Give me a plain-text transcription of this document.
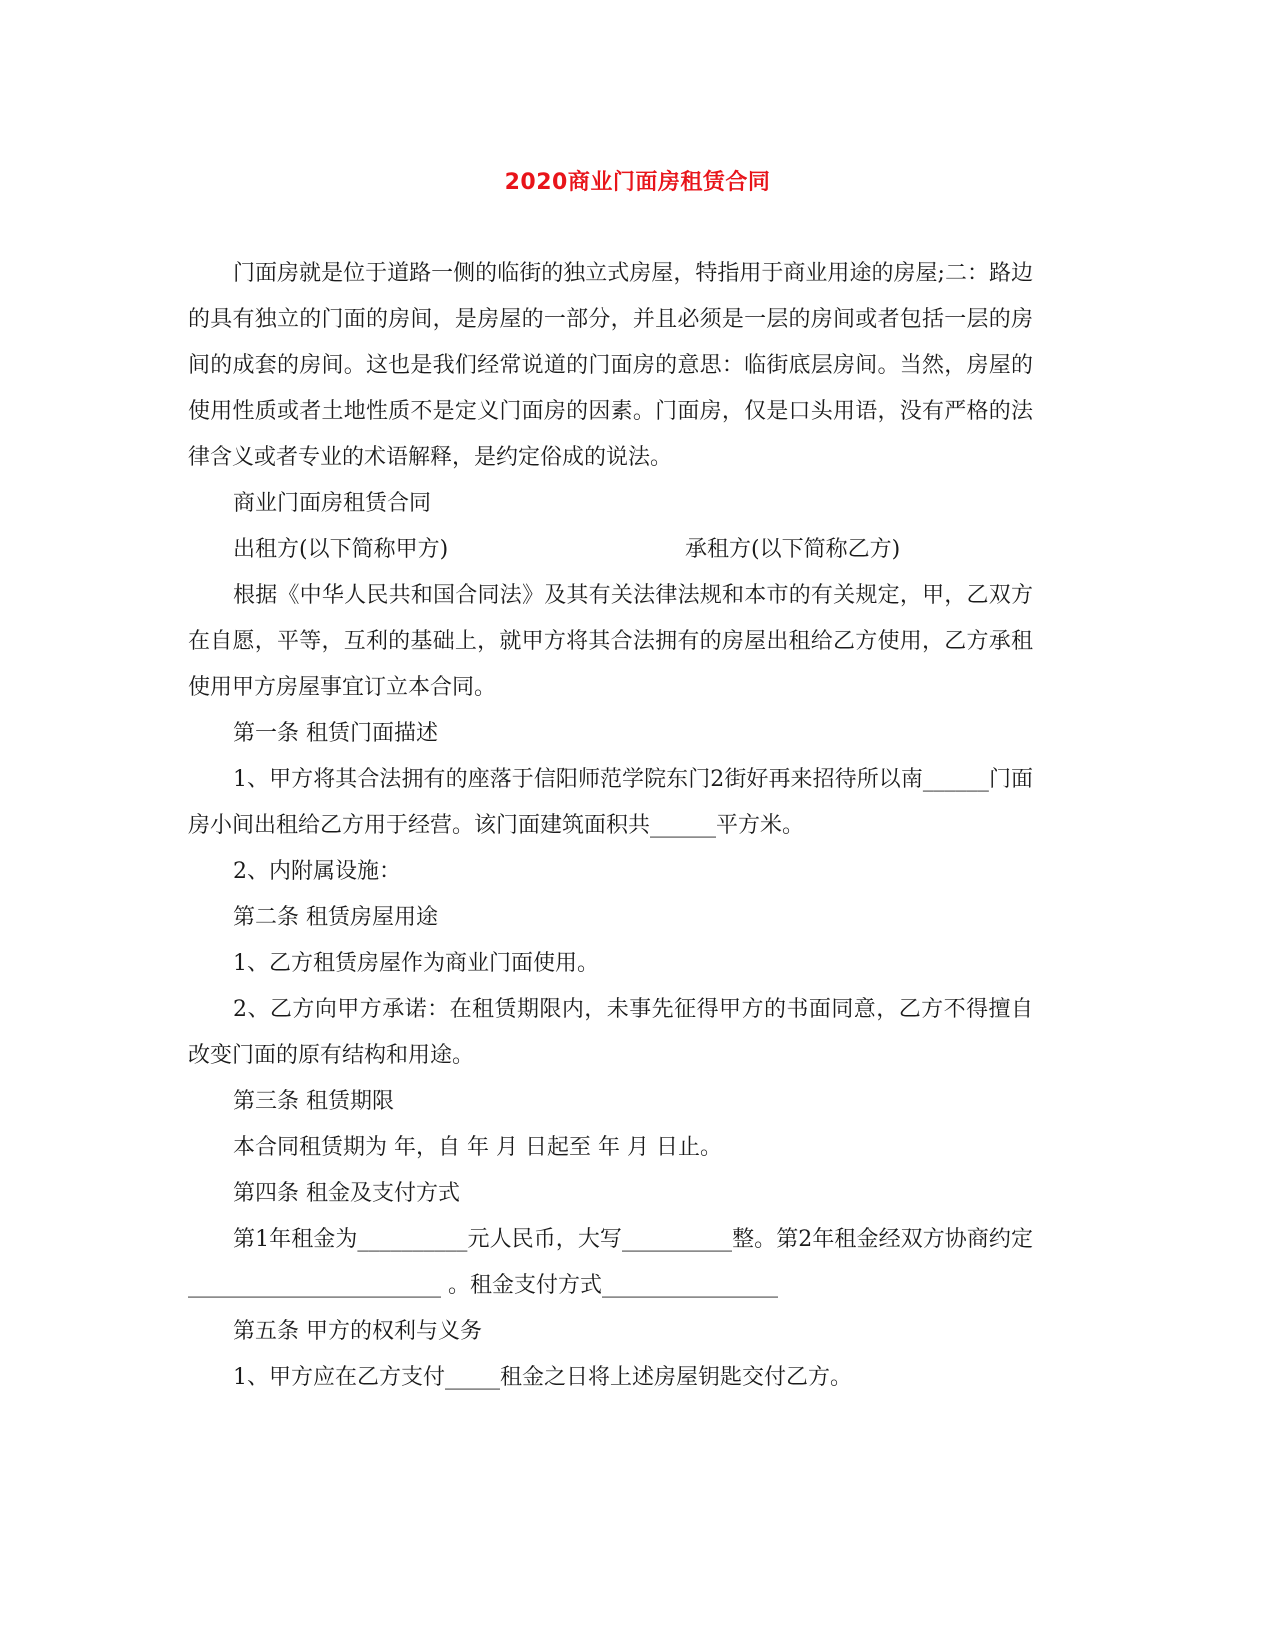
2020商业门面房租赁合同

门面房就是位于道路一侧的临街的独立式房屋，特指用于商业用途的房屋;二：路边的具有独立的门面的房间，是房屋的一部分，并且必须是一层的房间或者包括一层的房间的成套的房间。这也是我们经常说道的门面房的意思：临街底层房间。当然，房屋的使用性质或者土地性质不是定义门面房的因素。门面房，仅是口头用语，没有严格的法律含义或者专业的术语解释，是约定俗成的说法。

商业门面房租赁合同

出租方(以下简称甲方)	承租方(以下简称乙方)

根据《中华人民共和国合同法》及其有关法律法规和本市的有关规定，甲，乙双方在自愿，平等，互利的基础上，就甲方将其合法拥有的房屋出租给乙方使用，乙方承租使用甲方房屋事宜订立本合同。

第一条 租赁门面描述

1、甲方将其合法拥有的座落于信阳师范学院东门2街好再来招待所以南______门面房小间出租给乙方用于经营。该门面建筑面积共______平方米。

2、内附属设施：

第二条 租赁房屋用途

1、乙方租赁房屋作为商业门面使用。

2、乙方向甲方承诺：在租赁期限内，未事先征得甲方的书面同意，乙方不得擅自改变门面的原有结构和用途。

第三条 租赁期限

本合同租赁期为 年，自 年 月 日起至 年 月 日止。

第四条 租金及支付方式

第1年租金为__________元人民币，大写__________整。第2年租金经双方协商约定_______________________ 。租金支付方式________________

第五条 甲方的权利与义务

1、甲方应在乙方支付_____租金之日将上述房屋钥匙交付乙方。
